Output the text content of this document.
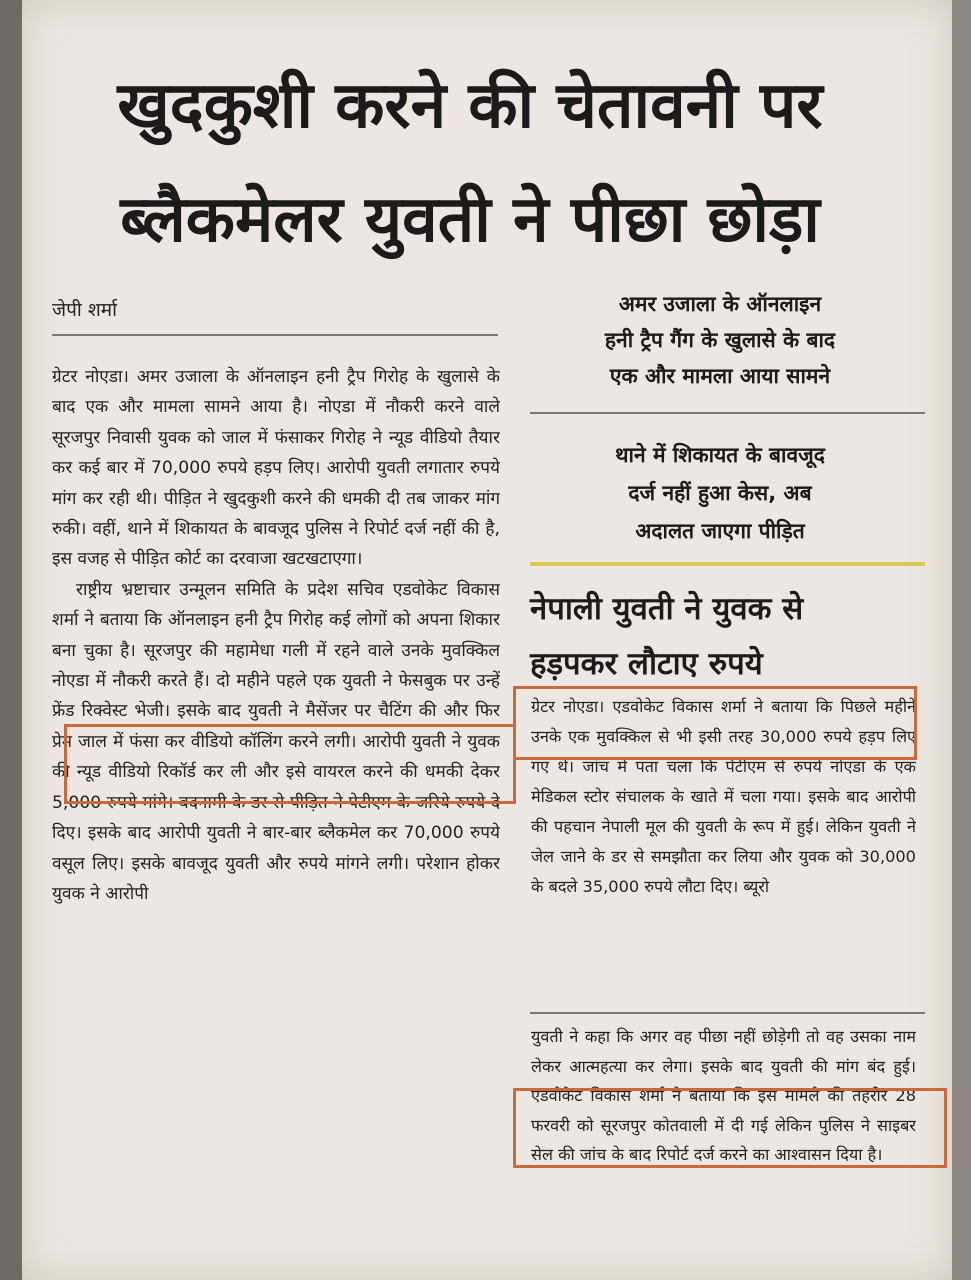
खुदकुशी करने की चेतावनी पर
ब्लैकमेलर युवती ने पीछा छोड़ा
जेपी शर्मा
ग्रेटर नोएडा। अमर उजाला के ऑनलाइन हनी ट्रैप गिरोह के खुलासे के बाद एक और मामला सामने आया है। नोएडा में नौकरी करने वाले सूरजपुर निवासी युवक को जाल में फंसाकर गिरोह ने न्यूड वीडियो तैयार कर कई बार में 70,000 रुपये हड़प लिए। आरोपी युवती लगातार रुपये मांग कर रही थी। पीड़ित ने खुदकुशी करने की धमकी दी तब जाकर मांग रुकी। वहीं, थाने में शिकायत के बावजूद पुलिस ने रिपोर्ट दर्ज नहीं की है, इस वजह से पीड़ित कोर्ट का दरवाजा खटखटाएगा।
राष्ट्रीय भ्रष्टाचार उन्मूलन समिति के प्रदेश सचिव एडवोकेट विकास शर्मा ने बताया कि ऑनलाइन हनी ट्रैप गिरोह कई लोगों को अपना शिकार बना चुका है। सूरजपुर की महामेधा गली में रहने वाले उनके मुवक्किल नोएडा में नौकरी करते हैं। दो महीने पहले एक युवती ने फेसबुक पर उन्हें फ्रेंड रिक्वेस्ट भेजी। इसके बाद युवती ने मैसेंजर पर चैटिंग की और फिर प्रेम जाल में फंसा कर वीडियो कॉलिंग करने लगी। आरोपी युवती ने युवक की न्यूड वीडियो रिकॉर्ड कर ली और इसे वायरल करने की धमकी देकर 5,000 रुपये मांगे। बदनामी के डर से पीड़ित ने पेटीएम के जरिये रुपये दे दिए। इसके बाद आरोपी युवती ने बार-बार ब्लैकमेल कर 70,000 रुपये वसूल लिए। इसके बावजूद युवती और रुपये मांगने लगी। परेशान होकर युवक ने आरोपी
अमर उजाला के ऑनलाइन
हनी ट्रैप गैंग के खुलासे के बाद
एक और मामला आया सामने
थाने में शिकायत के बावजूद
दर्ज नहीं हुआ केस, अब
अदालत जाएगा पीड़ित
नेपाली युवती ने युवक से
हड़पकर लौटाए रुपये
ग्रेटर नोएडा। एडवोकेट विकास शर्मा ने बताया कि पिछले महीने उनके एक मुवक्किल से भी इसी तरह 30,000 रुपये हड़प लिए गए थे। जांच में पता चला कि पेटीएम से रुपये नोएडा के एक मेडिकल स्टोर संचालक के खाते में चला गया। इसके बाद आरोपी की पहचान नेपाली मूल की युवती के रूप में हुई। लेकिन युवती ने जेल जाने के डर से समझौता कर लिया और युवक को 30,000 के बदले 35,000 रुपये लौटा दिए। ब्यूरो
युवती ने कहा कि अगर वह पीछा नहीं छोड़ेगी तो वह उसका नाम लेकर आत्महत्या कर लेगा। इसके बाद युवती की मांग बंद हुई। एडवोकेट विकास शर्मा ने बताया कि इस मामले की तहरीर 28 फरवरी को सूरजपुर कोतवाली में दी गई लेकिन पुलिस ने साइबर सेल की जांच के बाद रिपोर्ट दर्ज करने का आश्वासन दिया है।
